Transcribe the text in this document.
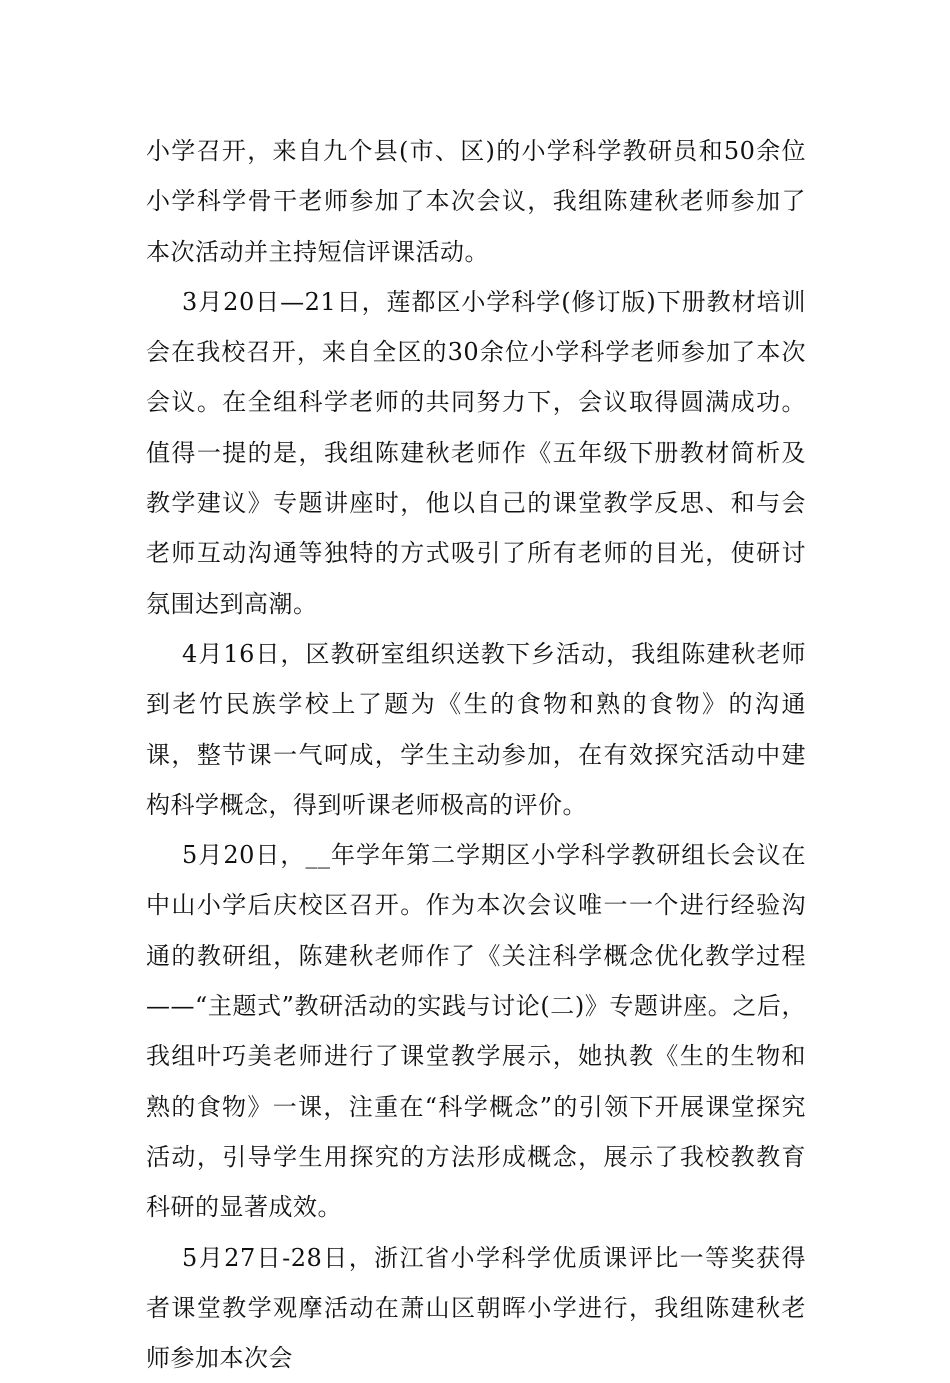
小学召开，来自九个县(市、区)的小学科学教研员和50余位小学科学骨干老师参加了本次会议，我组陈建秋老师参加了本次活动并主持短信评课活动。

3月20日—21日，莲都区小学科学(修订版)下册教材培训会在我校召开，来自全区的30余位小学科学老师参加了本次会议。在全组科学老师的共同努力下，会议取得圆满成功。值得一提的是，我组陈建秋老师作《五年级下册教材简析及教学建议》专题讲座时，他以自己的课堂教学反思、和与会老师互动沟通等独特的方式吸引了所有老师的目光，使研讨氛围达到高潮。

4月16日，区教研室组织送教下乡活动，我组陈建秋老师到老竹民族学校上了题为《生的食物和熟的食物》的沟通课，整节课一气呵成，学生主动参加，在有效探究活动中建构科学概念，得到听课老师极高的评价。

5月20日，__年学年第二学期区小学科学教研组长会议在中山小学后庆校区召开。作为本次会议唯一一个进行经验沟通的教研组，陈建秋老师作了《关注科学概念优化教学过程——“主题式”教研活动的实践与讨论(二)》专题讲座。之后，我组叶巧美老师进行了课堂教学展示，她执教《生的生物和熟的食物》一课，注重在“科学概念”的引领下开展课堂探究活动，引导学生用探究的方法形成概念，展示了我校教教育科研的显著成效。

5月27日-28日，浙江省小学科学优质课评比一等奖获得者课堂教学观摩活动在萧山区朝晖小学进行，我组陈建秋老师参加本次会
